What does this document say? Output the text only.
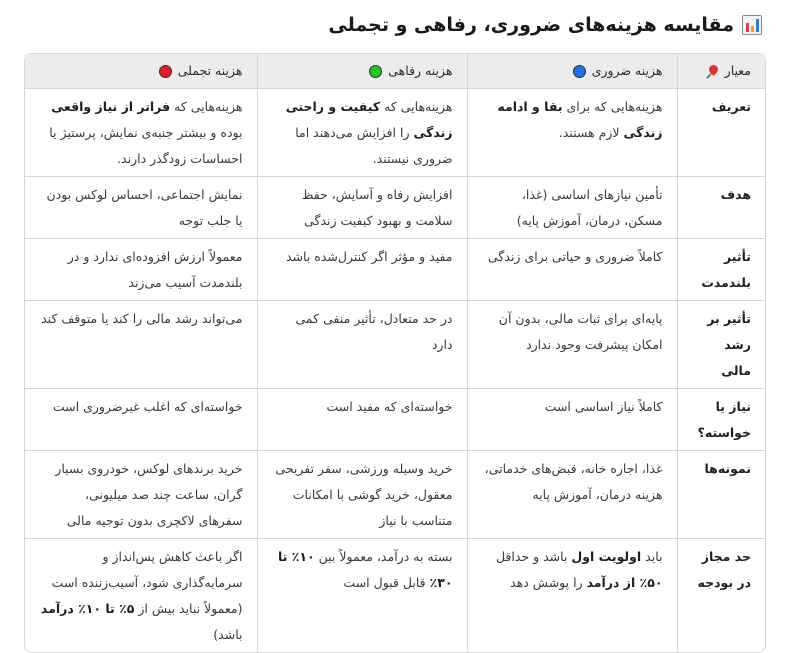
مقایسه هزینه‌های ضروری، رفاهی و تجملی
معیار	هزینه ضروری	هزینه رفاهی	هزینه تجملی

تعریف	هزینه‌هایی که برای بقا و ادامه زندگی لازم هستند.	هزینه‌هایی که کیفیت و راحتی زندگی را افزایش می‌دهند اما ضروری نیستند.	هزینه‌هایی که فراتر از نیاز واقعی بوده و بیشتر جنبه‌ی نمایش، پرستیژ یا احساسات زودگذر دارند.
هدف	تأمین نیازهای اساسی (غذا، مسکن، درمان، آموزش پایه)	افزایش رفاه و آسایش، حفظ سلامت و بهبود کیفیت زندگی	نمایش اجتماعی، احساس لوکس بودن یا جلب توجه
تأثیر بلندمدت	کاملاً ضروری و حیاتی برای زندگی	مفید و مؤثر اگر کنترل‌شده باشد	معمولاً ارزش افزوده‌ای ندارد و در بلندمدت آسیب می‌زند
تأثیر بر رشد مالی	پایه‌ای برای ثبات مالی، بدون آن امکان پیشرفت وجود ندارد	در حد متعادل، تأثیر منفی کمی دارد	می‌تواند رشد مالی را کند یا متوقف کند
نیاز یا خواسته؟	کاملاً نیاز اساسی است	خواسته‌ای که مفید است	خواسته‌ای که اغلب غیرضروری است
نمونه‌ها	غذا، اجاره خانه، قبض‌های خدماتی، هزینه درمان، آموزش پایه	خرید وسیله ورزشی، سفر تفریحی معقول، خرید گوشی با امکانات متناسب با نیاز	خرید برندهای لوکس، خودروی بسیار گران، ساعت چند صد میلیونی، سفرهای لاکچری بدون توجیه مالی
حد مجاز در بودجه	باید اولویت اول باشد و حداقل ۵۰٪ از درآمد را پوشش دهد	بسته به درآمد، معمولاً بین ۱۰٪ تا ۳۰٪ قابل قبول است	اگر باعث کاهش پس‌انداز و سرمایه‌گذاری شود، آسیب‌زننده است (معمولاً نباید بیش از ۵٪ تا ۱۰٪ درآمد باشد)
